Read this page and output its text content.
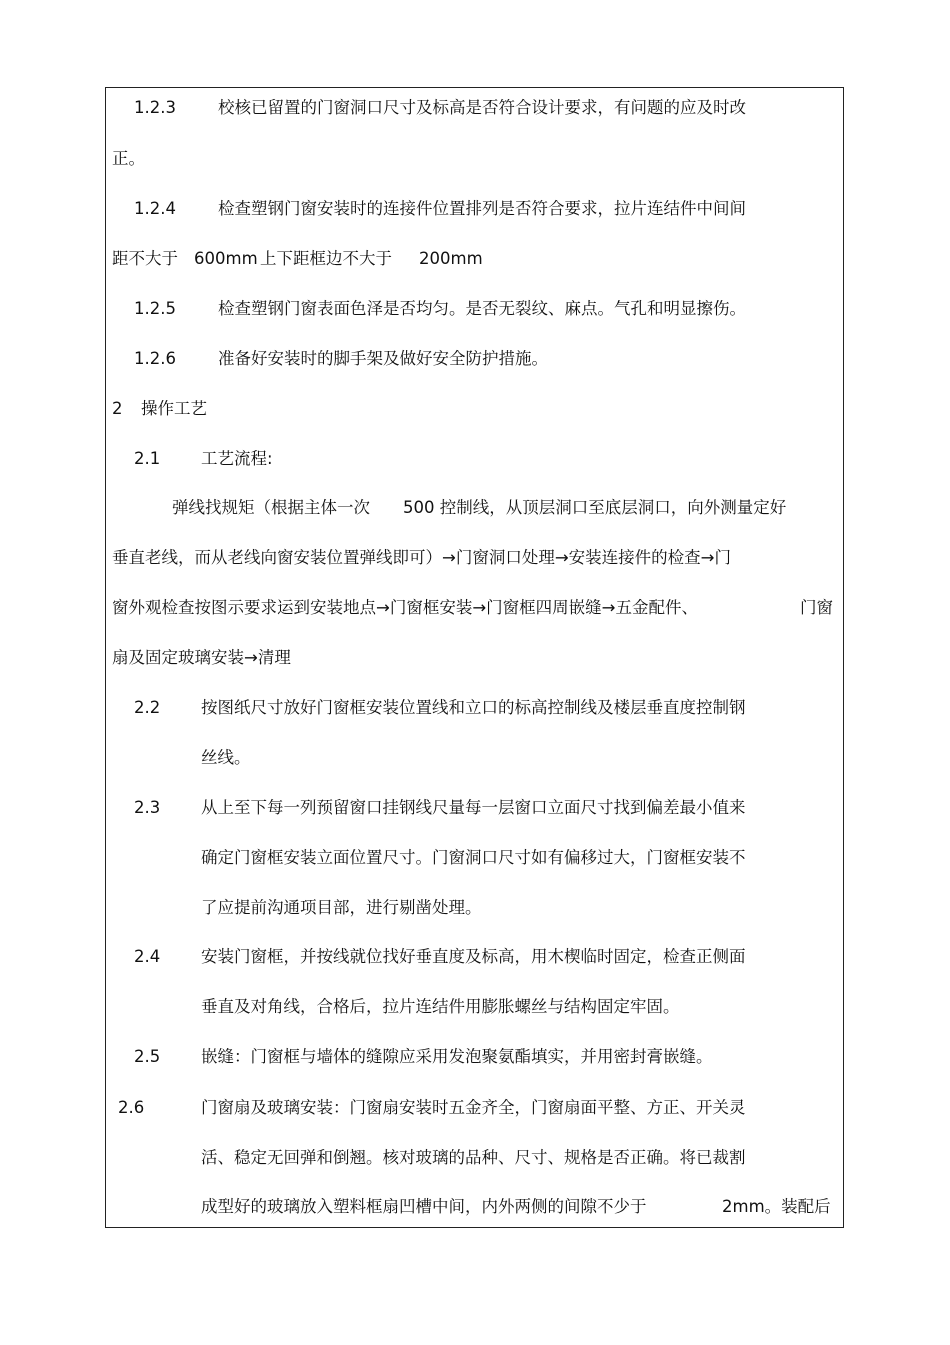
1.2.3	校核已留置的门窗洞口尺寸及标高是否符合设计要求，有问题的应及时改
正。
1.2.4	检查塑钢门窗安装时的连接件位置排列是否符合要求，拉片连结件中间间
距不大于 600mm 上下距框边不大于 200mm
1.2.5	检查塑钢门窗表面色泽是否均匀。是否无裂纹、麻点。气孔和明显擦伤。
1.2.6	准备好安装时的脚手架及做好安全防护措施。
2 操作工艺
2.1 工艺流程:
弹线找规矩（根据主体一次 500 控制线，从顶层洞口至底层洞口，向外测量定好
垂直老线，而从老线向窗安装位置弹线即可）→门窗洞口处理→安装连接件的检查→门
窗外观检查按图示要求运到安装地点→门窗框安装→门窗框四周嵌缝→五金配件、	门窗
扇及固定玻璃安装→清理
2.2 按图纸尺寸放好门窗框安装位置线和立口的标高控制线及楼层垂直度控制钢
丝线。
2.3 从上至下每一列预留窗口挂钢线尺量每一层窗口立面尺寸找到偏差最小值来
确定门窗框安装立面位置尺寸。门窗洞口尺寸如有偏移过大，门窗框安装不
了应提前沟通项目部，进行剔凿处理。
2.4 安装门窗框，并按线就位找好垂直度及标高，用木楔临时固定，检查正侧面
垂直及对角线，合格后，拉片连结件用膨胀螺丝与结构固定牢固。
2.5 嵌缝：门窗框与墙体的缝隙应采用发泡聚氨酯填实，并用密封膏嵌缝。
2.6	门窗扇及玻璃安装：门窗扇安装时五金齐全，门窗扇面平整、方正、开关灵
活、稳定无回弹和倒翘。核对玻璃的品种、尺寸、规格是否正确。将已裁割
成型好的玻璃放入塑料框扇凹槽中间，内外两侧的间隙不少于	2mm。装配后
